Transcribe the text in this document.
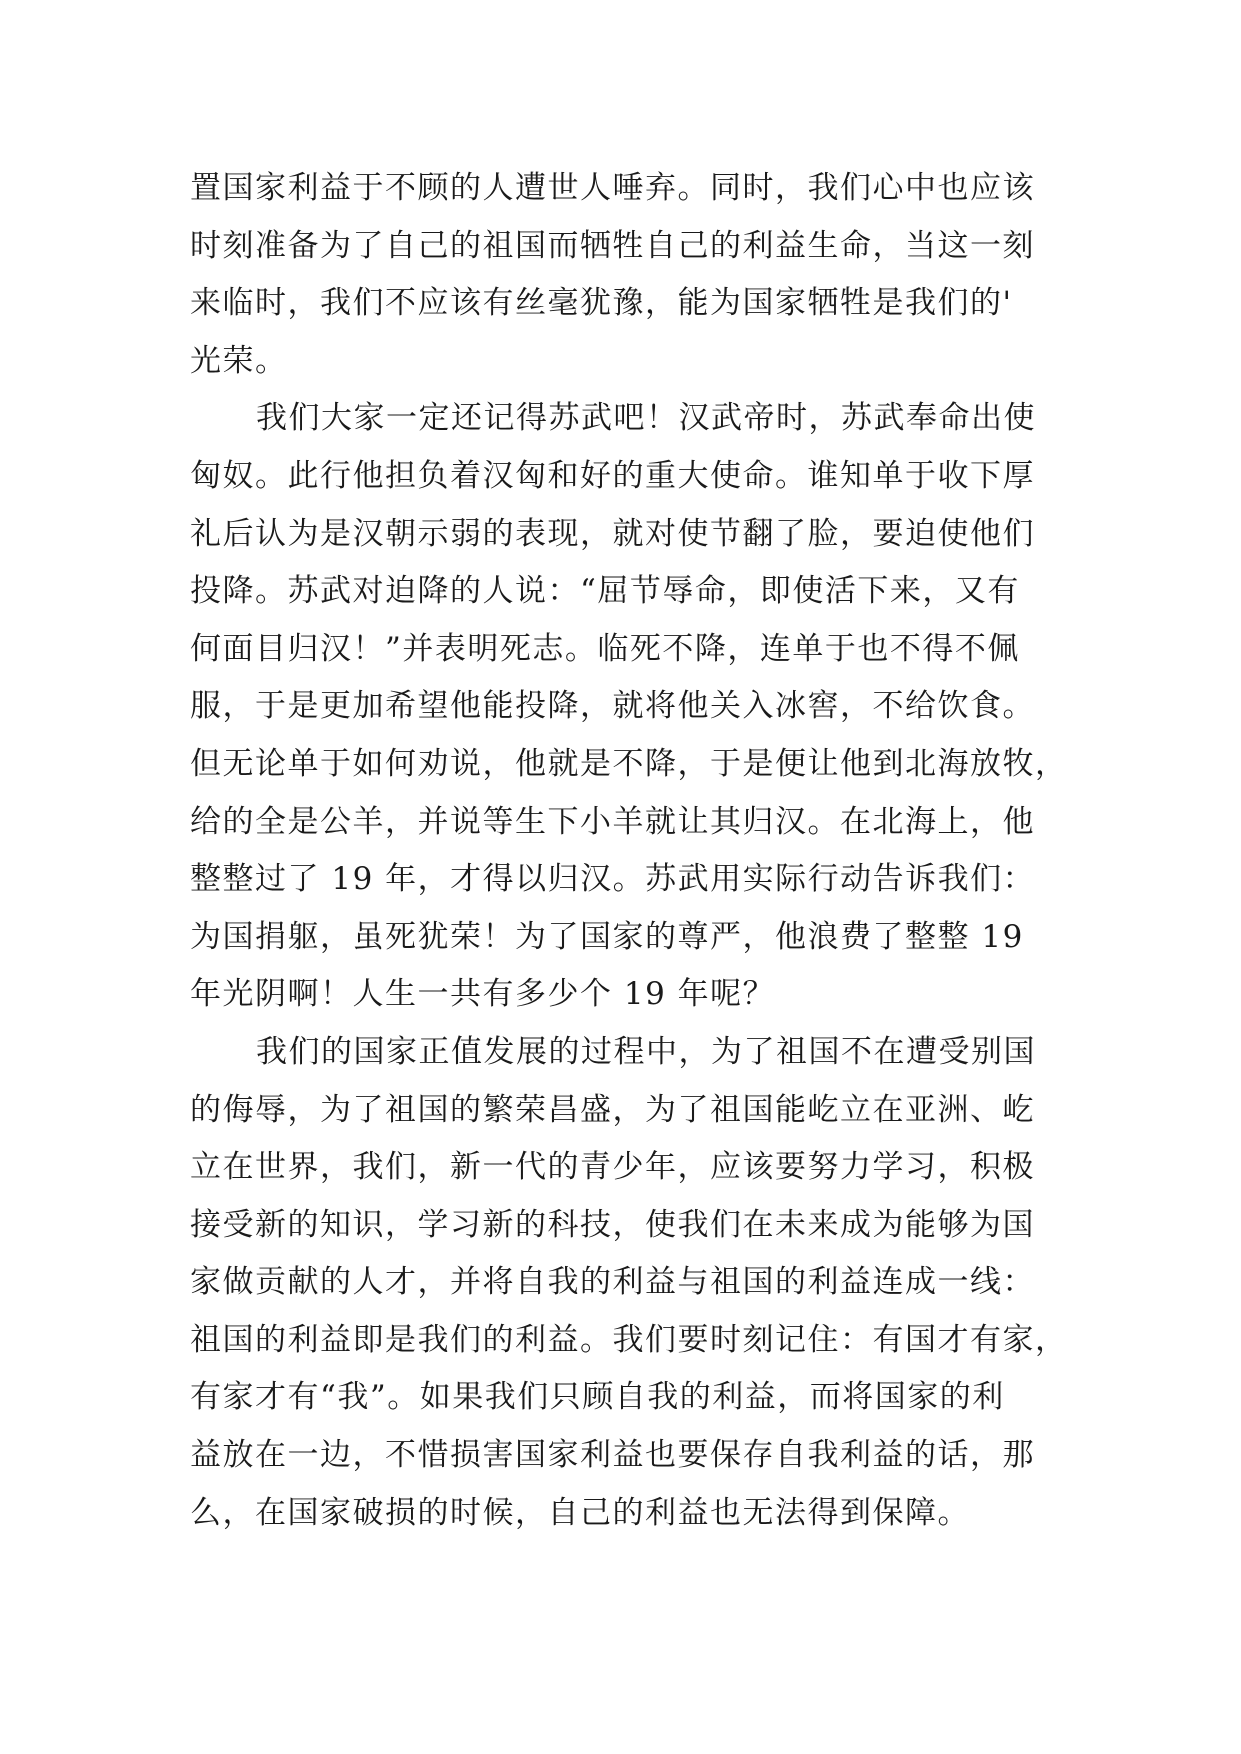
置国家利益于不顾的人遭世人唾弃。同时，我们心中也应该
时刻准备为了自己的祖国而牺牲自己的利益生命，当这一刻
来临时，我们不应该有丝毫犹豫，能为国家牺牲是我们的'
光荣。
我们大家一定还记得苏武吧！汉武帝时，苏武奉命出使
匈奴。此行他担负着汉匈和好的重大使命。谁知单于收下厚
礼后认为是汉朝示弱的表现，就对使节翻了脸，要迫使他们
投降。苏武对迫降的人说：“屈节辱命，即使活下来，又有
何面目归汉！”并表明死志。临死不降，连单于也不得不佩
服，于是更加希望他能投降，就将他关入冰窖，不给饮食。
但无论单于如何劝说，他就是不降，于是便让他到北海放牧，
给的全是公羊，并说等生下小羊就让其归汉。在北海上，他
整整过了 19 年，才得以归汉。苏武用实际行动告诉我们：
为国捐躯，虽死犹荣！为了国家的尊严，他浪费了整整 19
年光阴啊！人生一共有多少个 19 年呢？
我们的国家正值发展的过程中，为了祖国不在遭受别国
的侮辱，为了祖国的繁荣昌盛，为了祖国能屹立在亚洲、屹
立在世界，我们，新一代的青少年，应该要努力学习，积极
接受新的知识，学习新的科技，使我们在未来成为能够为国
家做贡献的人才，并将自我的利益与祖国的利益连成一线：
祖国的利益即是我们的利益。我们要时刻记住：有国才有家，
有家才有“我”。如果我们只顾自我的利益，而将国家的利
益放在一边，不惜损害国家利益也要保存自我利益的话，那
么，在国家破损的时候，自己的利益也无法得到保障。
